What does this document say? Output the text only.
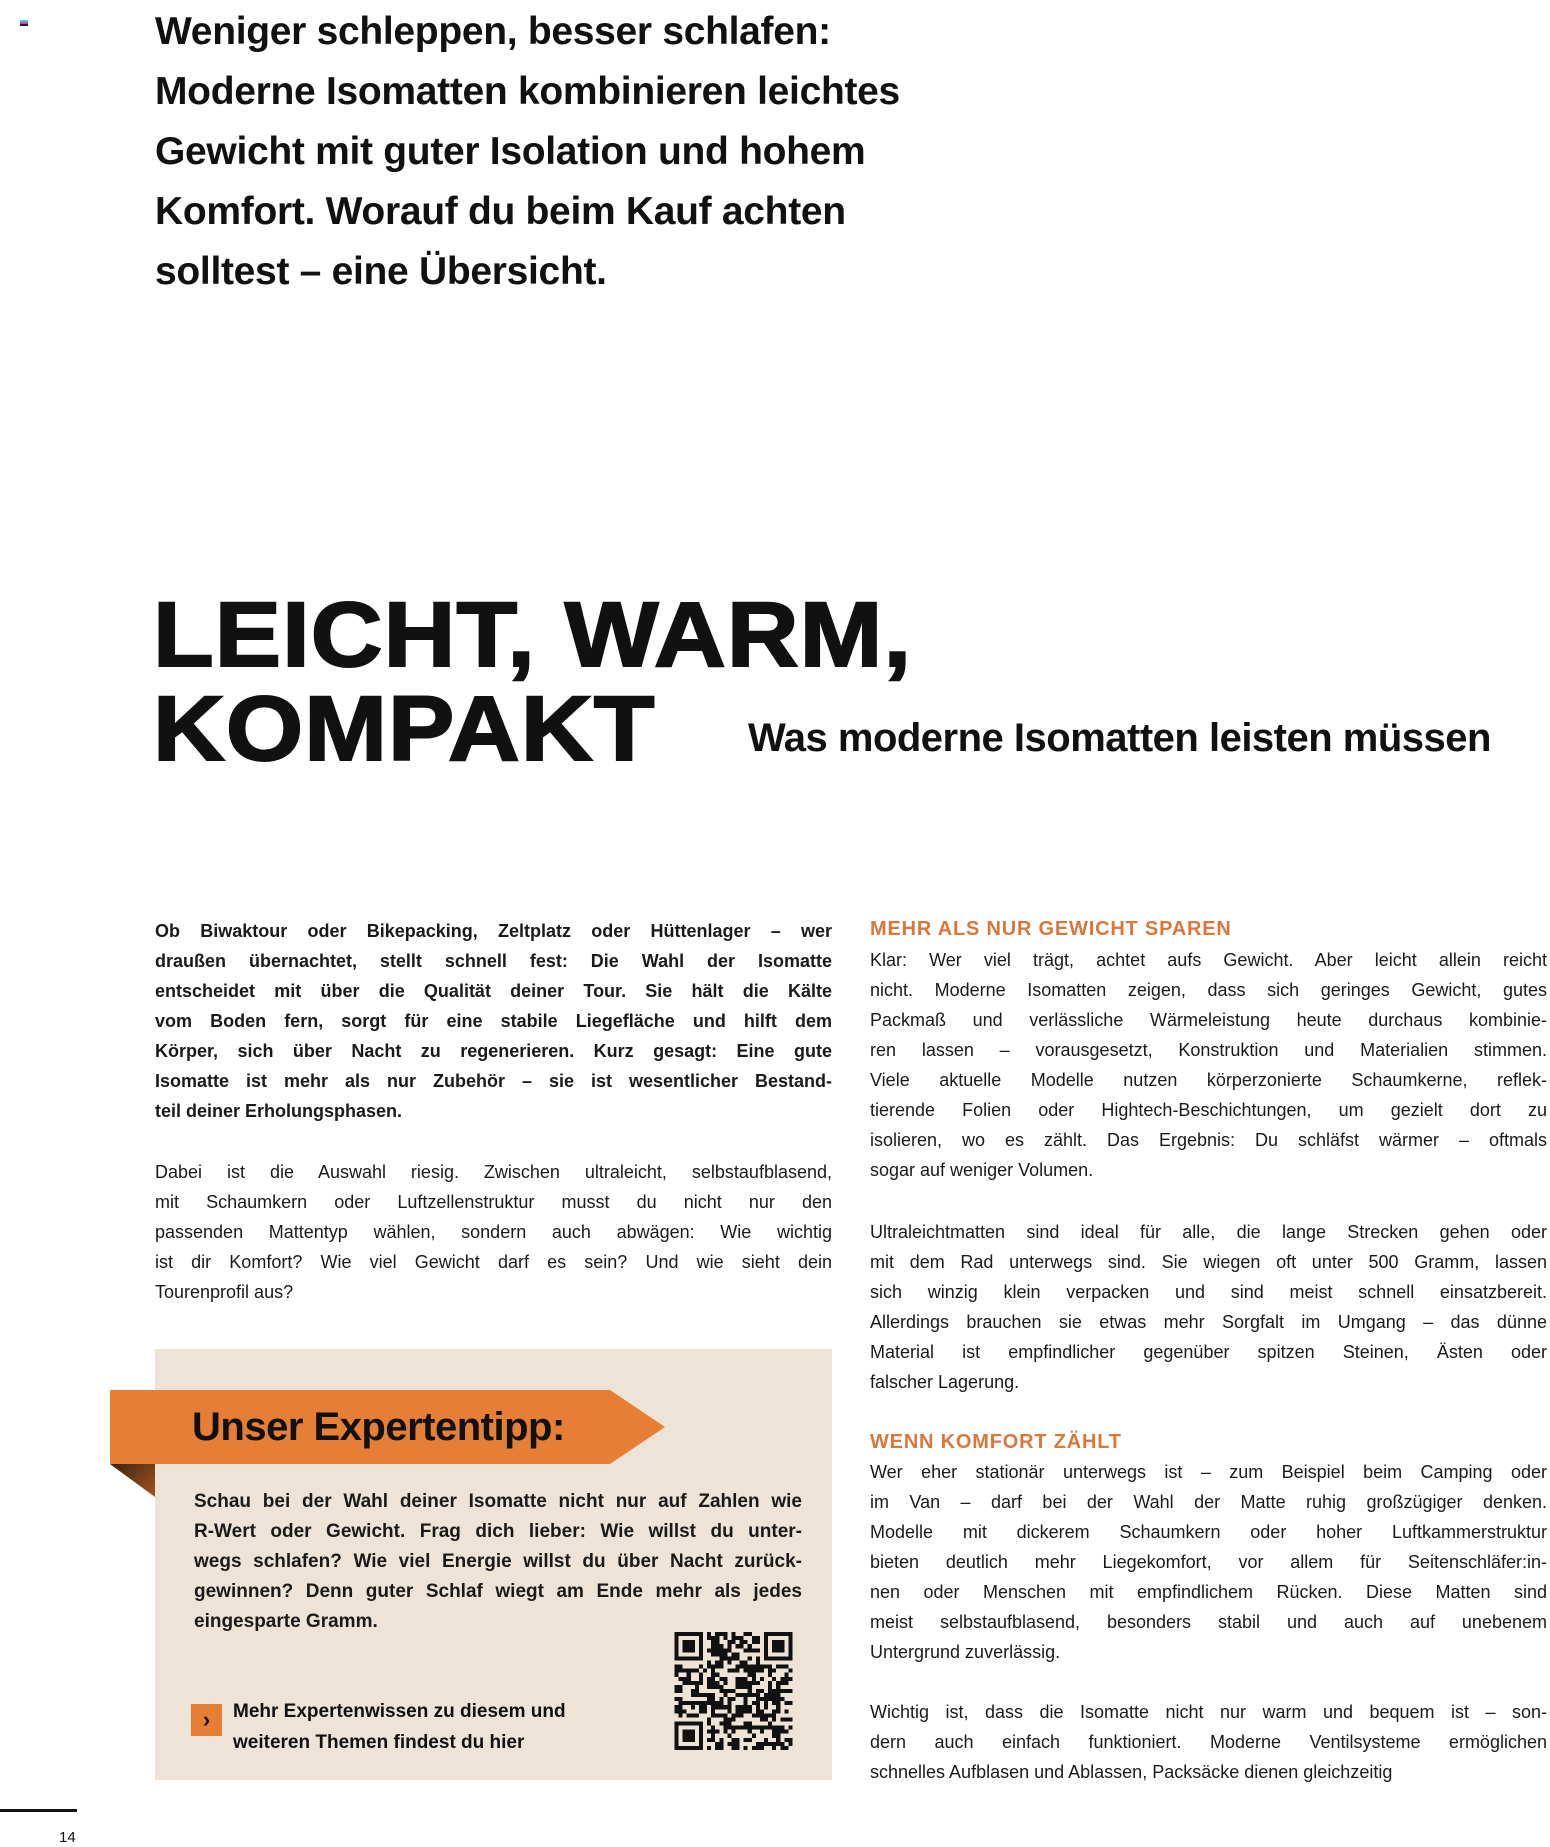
Weniger schleppen, besser schlafen:
Moderne Isomatten kombinieren leichtes
Gewicht mit guter Isolation und hohem
Komfort. Worauf du beim Kauf achten
solltest – eine Übersicht.
LEICHT, WARM,
KOMPAKT	Was moderne Isomatten leisten müssen
Ob Biwaktour oder Bikepacking, Zeltplatz oder Hüttenlager – wer
draußen übernachtet, stellt schnell fest: Die Wahl der Isomatte
entscheidet mit über die Qualität deiner Tour. Sie hält die Kälte
vom Boden fern, sorgt für eine stabile Liegefläche und hilft dem
Körper, sich über Nacht zu regenerieren. Kurz gesagt: Eine gute
Isomatte ist mehr als nur Zubehör – sie ist wesentlicher Bestand-
teil deiner Erholungsphasen.
Dabei ist die Auswahl riesig. Zwischen ultraleicht, selbstaufblasend,
mit Schaumkern oder Luftzellenstruktur musst du nicht nur den
passenden Mattentyp wählen, sondern auch abwägen: Wie wichtig
ist dir Komfort? Wie viel Gewicht darf es sein? Und wie sieht dein
Tourenprofil aus?
Unser Expertentipp:
Schau bei der Wahl deiner Isomatte nicht nur auf Zahlen wie
R-Wert oder Gewicht. Frag dich lieber: Wie willst du unter-
wegs schlafen? Wie viel Energie willst du über Nacht zurück-
gewinnen? Denn guter Schlaf wiegt am Ende mehr als jedes
eingesparte Gramm.
›	Mehr Expertenwissen zu diesem und
weiteren Themen findest du hier
MEHR ALS NUR GEWICHT SPAREN
Klar: Wer viel trägt, achtet aufs Gewicht. Aber leicht allein reicht
nicht. Moderne Isomatten zeigen, dass sich geringes Gewicht, gutes
Packmaß und verlässliche Wärmeleistung heute durchaus kombinie-
ren lassen – vorausgesetzt, Konstruktion und Materialien stimmen.
Viele aktuelle Modelle nutzen körperzonierte Schaumkerne, reflek-
tierende Folien oder Hightech-Beschichtungen, um gezielt dort zu
isolieren, wo es zählt. Das Ergebnis: Du schläfst wärmer – oftmals
sogar auf weniger Volumen.
Ultraleichtmatten sind ideal für alle, die lange Strecken gehen oder
mit dem Rad unterwegs sind. Sie wiegen oft unter 500 Gramm, lassen
sich winzig klein verpacken und sind meist schnell einsatzbereit.
Allerdings brauchen sie etwas mehr Sorgfalt im Umgang – das dünne
Material ist empfindlicher gegenüber spitzen Steinen, Ästen oder
falscher Lagerung.
WENN KOMFORT ZÄHLT
Wer eher stationär unterwegs ist – zum Beispiel beim Camping oder
im Van – darf bei der Wahl der Matte ruhig großzügiger denken.
Modelle mit dickerem Schaumkern oder hoher Luftkammerstruktur
bieten deutlich mehr Liegekomfort, vor allem für Seitenschläfer:in-
nen oder Menschen mit empfindlichem Rücken. Diese Matten sind
meist selbstaufblasend, besonders stabil und auch auf unebenem
Untergrund zuverlässig.
Wichtig ist, dass die Isomatte nicht nur warm und bequem ist – son-
dern auch einfach funktioniert. Moderne Ventilsysteme ermöglichen
schnelles Aufblasen und Ablassen, Packsäcke dienen gleichzeitig
14
